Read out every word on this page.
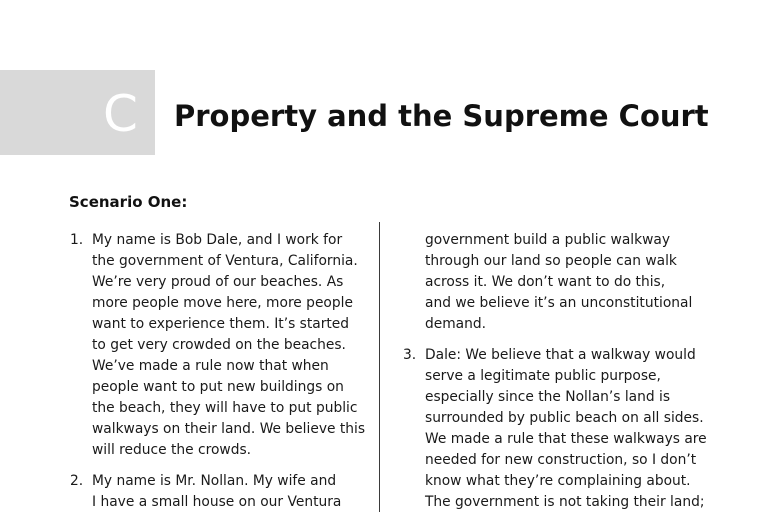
C Property and the Supreme Court
Scenario One:
1. My name is Bob Dale, and I work for
the government of Ventura, California.
We’re very proud of our beaches. As
more people move here, more people
want to experience them. It’s started
to get very crowded on the beaches.
We’ve made a rule now that when
people want to put new buildings on
the beach, they will have to put public
walkways on their land. We believe this
will reduce the crowds.
2. My name is Mr. Nollan. My wife and
I have a small house on our Ventura
government build a public walkway
through our land so people can walk
across it. We don’t want to do this,
and we believe it’s an unconstitutional
demand.
3. Dale: We believe that a walkway would
serve a legitimate public purpose,
especially since the Nollan’s land is
surrounded by public beach on all sides.
We made a rule that these walkways are
needed for new construction, so I don’t
know what they’re complaining about.
The government is not taking their land;
